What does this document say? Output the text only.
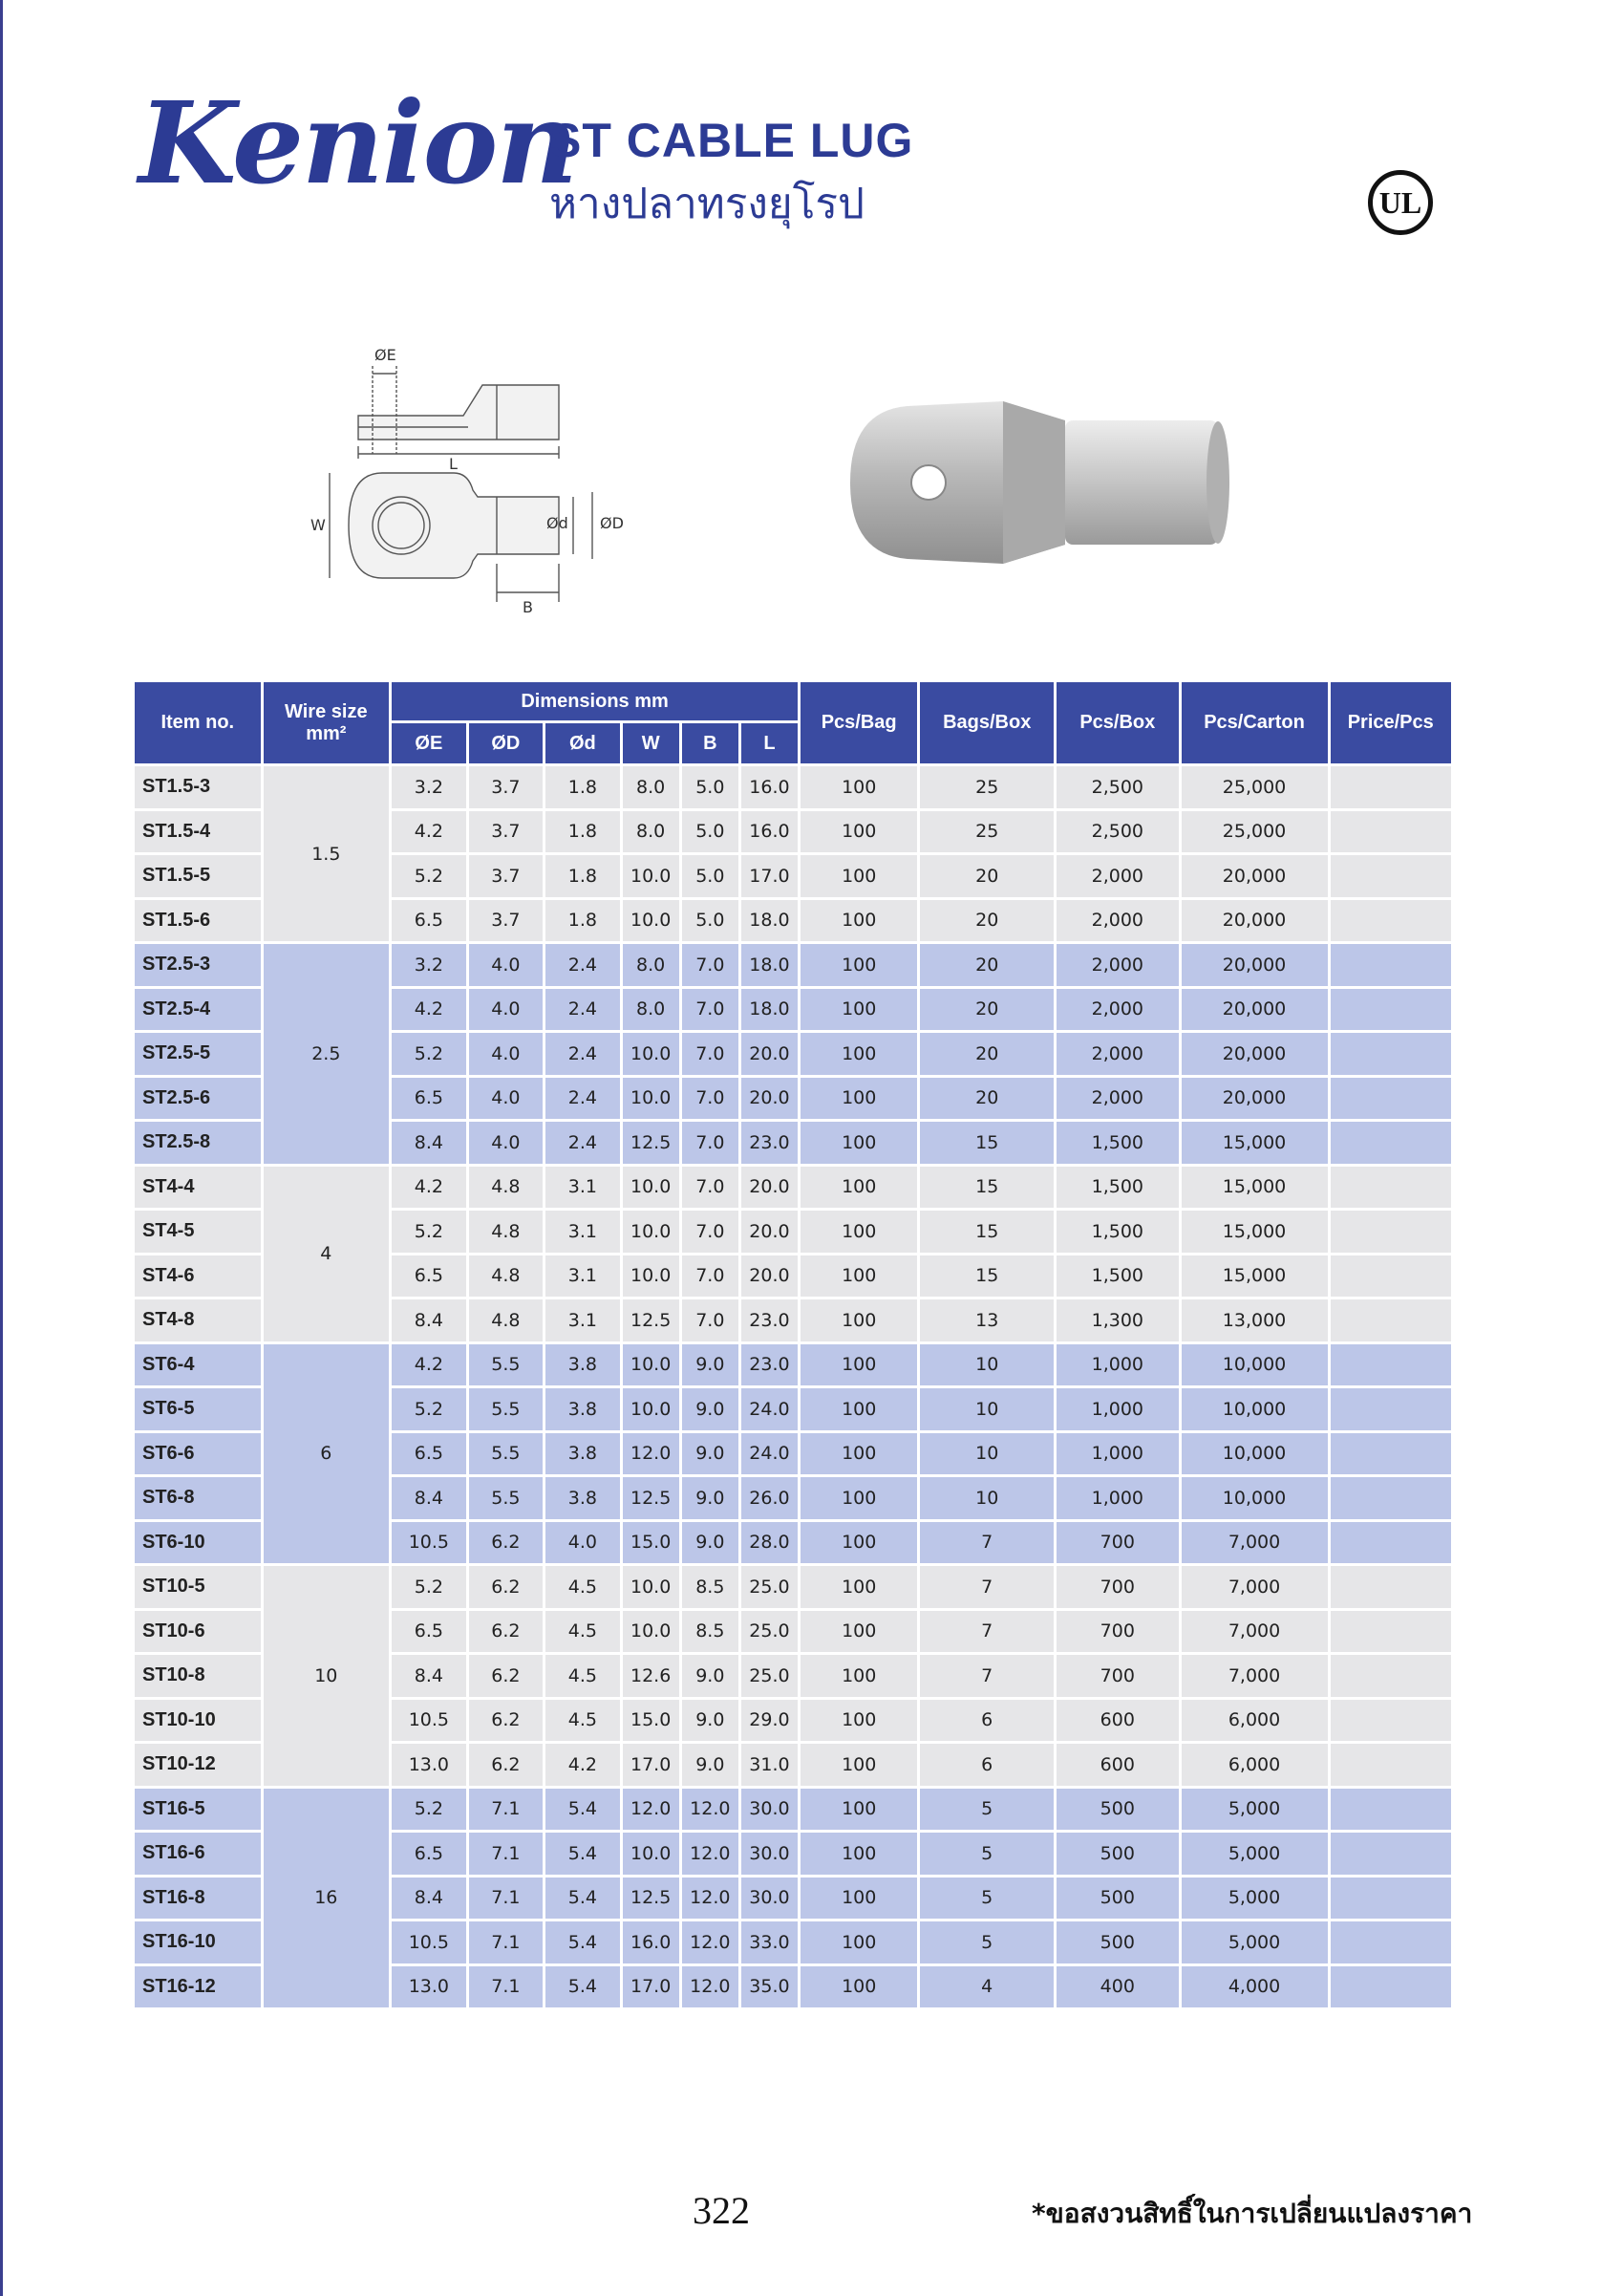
Kenion
ST CABLE LUG
หางปลาทรงยุโรป	UL
ØE
L
W	Ød ØD
B
Item no.	Wire size
mm²	Dimensions mm						Pcs/Bag	Bags/Box	Pcs/Box	Pcs/Carton	Price/Pcs
		ØE	ØD	Ød	W	B	L					
ST1.5-3	1.5	3.2	3.7	1.8	8.0	5.0	16.0	100	25	2,500	25,000	
ST1.5-4		4.2	3.7	1.8	8.0	5.0	16.0	100	25	2,500	25,000	
ST1.5-5		5.2	3.7	1.8	10.0	5.0	17.0	100	20	2,000	20,000	
ST1.5-6		6.5	3.7	1.8	10.0	5.0	18.0	100	20	2,000	20,000	
ST2.5-3	2.5	3.2	4.0	2.4	8.0	7.0	18.0	100	20	2,000	20,000	
ST2.5-4		4.2	4.0	2.4	8.0	7.0	18.0	100	20	2,000	20,000	
ST2.5-5		5.2	4.0	2.4	10.0	7.0	20.0	100	20	2,000	20,000	
ST2.5-6		6.5	4.0	2.4	10.0	7.0	20.0	100	20	2,000	20,000	
ST2.5-8		8.4	4.0	2.4	12.5	7.0	23.0	100	15	1,500	15,000	
ST4-4	4	4.2	4.8	3.1	10.0	7.0	20.0	100	15	1,500	15,000	
ST4-5		5.2	4.8	3.1	10.0	7.0	20.0	100	15	1,500	15,000	
ST4-6		6.5	4.8	3.1	10.0	7.0	20.0	100	15	1,500	15,000	
ST4-8		8.4	4.8	3.1	12.5	7.0	23.0	100	13	1,300	13,000	
ST6-4	6	4.2	5.5	3.8	10.0	9.0	23.0	100	10	1,000	10,000	
ST6-5		5.2	5.5	3.8	10.0	9.0	24.0	100	10	1,000	10,000	
ST6-6		6.5	5.5	3.8	12.0	9.0	24.0	100	10	1,000	10,000	
ST6-8		8.4	5.5	3.8	12.5	9.0	26.0	100	10	1,000	10,000	
ST6-10		10.5	6.2	4.0	15.0	9.0	28.0	100	7	700	7,000	
ST10-5	10	5.2	6.2	4.5	10.0	8.5	25.0	100	7	700	7,000	
ST10-6		6.5	6.2	4.5	10.0	8.5	25.0	100	7	700	7,000	
ST10-8		8.4	6.2	4.5	12.6	9.0	25.0	100	7	700	7,000	
ST10-10		10.5	6.2	4.5	15.0	9.0	29.0	100	6	600	6,000	
ST10-12		13.0	6.2	4.2	17.0	9.0	31.0	100	6	600	6,000	
ST16-5	16	5.2	7.1	5.4	12.0	12.0	30.0	100	5	500	5,000	
ST16-6		6.5	7.1	5.4	10.0	12.0	30.0	100	5	500	5,000	
ST16-8		8.4	7.1	5.4	12.5	12.0	30.0	100	5	500	5,000	
ST16-10		10.5	7.1	5.4	16.0	12.0	33.0	100	5	500	5,000	
ST16-12		13.0	7.1	5.4	17.0	12.0	35.0	100	4	400	4,000	
322	*ขอสงวนสิทธิ์ในการเปลี่ยนแปลงราคา
